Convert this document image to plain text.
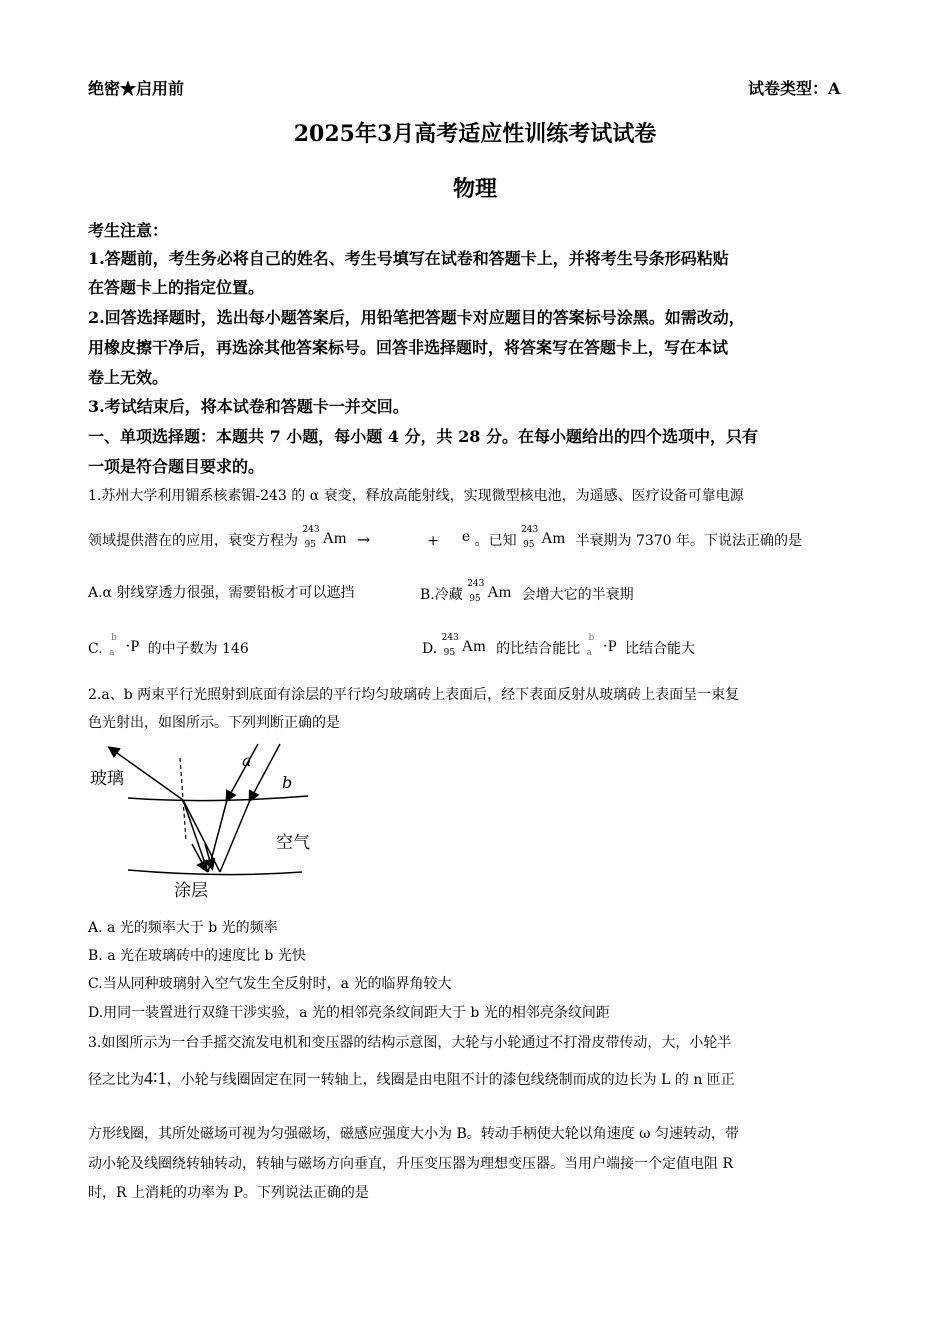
绝密★启用前	试卷类型：A
2025年3月高考适应性训练考试试卷
物理
考生注意：
1.答题前，考生务必将自己的姓名、考生号填写在试卷和答题卡上，并将考生号条形码粘贴
在答题卡上的指定位置。
2.回答选择题时，选出每小题答案后，用铅笔把答题卡对应题目的答案标号涂黑。如需改动，
用橡皮擦干净后，再选涂其他答案标号。回答非选择题时，将答案写在答题卡上，写在本试
卷上无效。
3.考试结束后，将本试卷和答题卡一并交回。
一、单项选择题：本题共 7 小题，每小题 4 分，共 28 分。在每小题给出的四个选项中，只有
一项是符合题目要求的。
1.苏州大学利用镅系核素镅-243 的 α 衰变，释放高能射线，实现微型核电池，为遥感、医疗设备可靠电源
领域提供潜在的应用，衰变方程为
243
95 Am →	+ e 。已知
243
95 Am 半衰期为 7370 年。下说法正确的是
A.α 射线穿透力很强，需要铅板才可以遮挡	B.冷藏
243
95 Am 会增大它的半衰期
C.
b
a ·P 的中子数为 146	D.
243
95 Am 的比结合能比
b
a ·P 比结合能大
2.a、b 两束平行光照射到底面有涂层的平行均匀玻璃砖上表面后，经下表面反射从玻璃砖上表面呈一束复
色光射出，如图所示。下列判断正确的是
玻璃
空气
涂层
a
b
A. a 光的频率大于 b 光的频率
B. a 光在玻璃砖中的速度比 b 光快
C.当从同种玻璃射入空气发生全反射时，a 光的临界角较大
D.用同一装置进行双缝干涉实验，a 光的相邻亮条纹间距大于 b 光的相邻亮条纹间距
3.如图所示为一台手摇交流发电机和变压器的结构示意图，大轮与小轮通过不打滑皮带传动，大，小轮半
径之比为4∶1，小轮与线圈固定在同一转轴上，线圈是由电阻不计的漆包线绕制而成的边长为 L 的 n 匝正
方形线圈，其所处磁场可视为匀强磁场，磁感应强度大小为 B。转动手柄使大轮以角速度 ω 匀速转动，带
动小轮及线圈绕转轴转动，转轴与磁场方向垂直，升压变压器为理想变压器。当用户端接一个定值电阻 R
时，R 上消耗的功率为 P。下列说法正确的是
